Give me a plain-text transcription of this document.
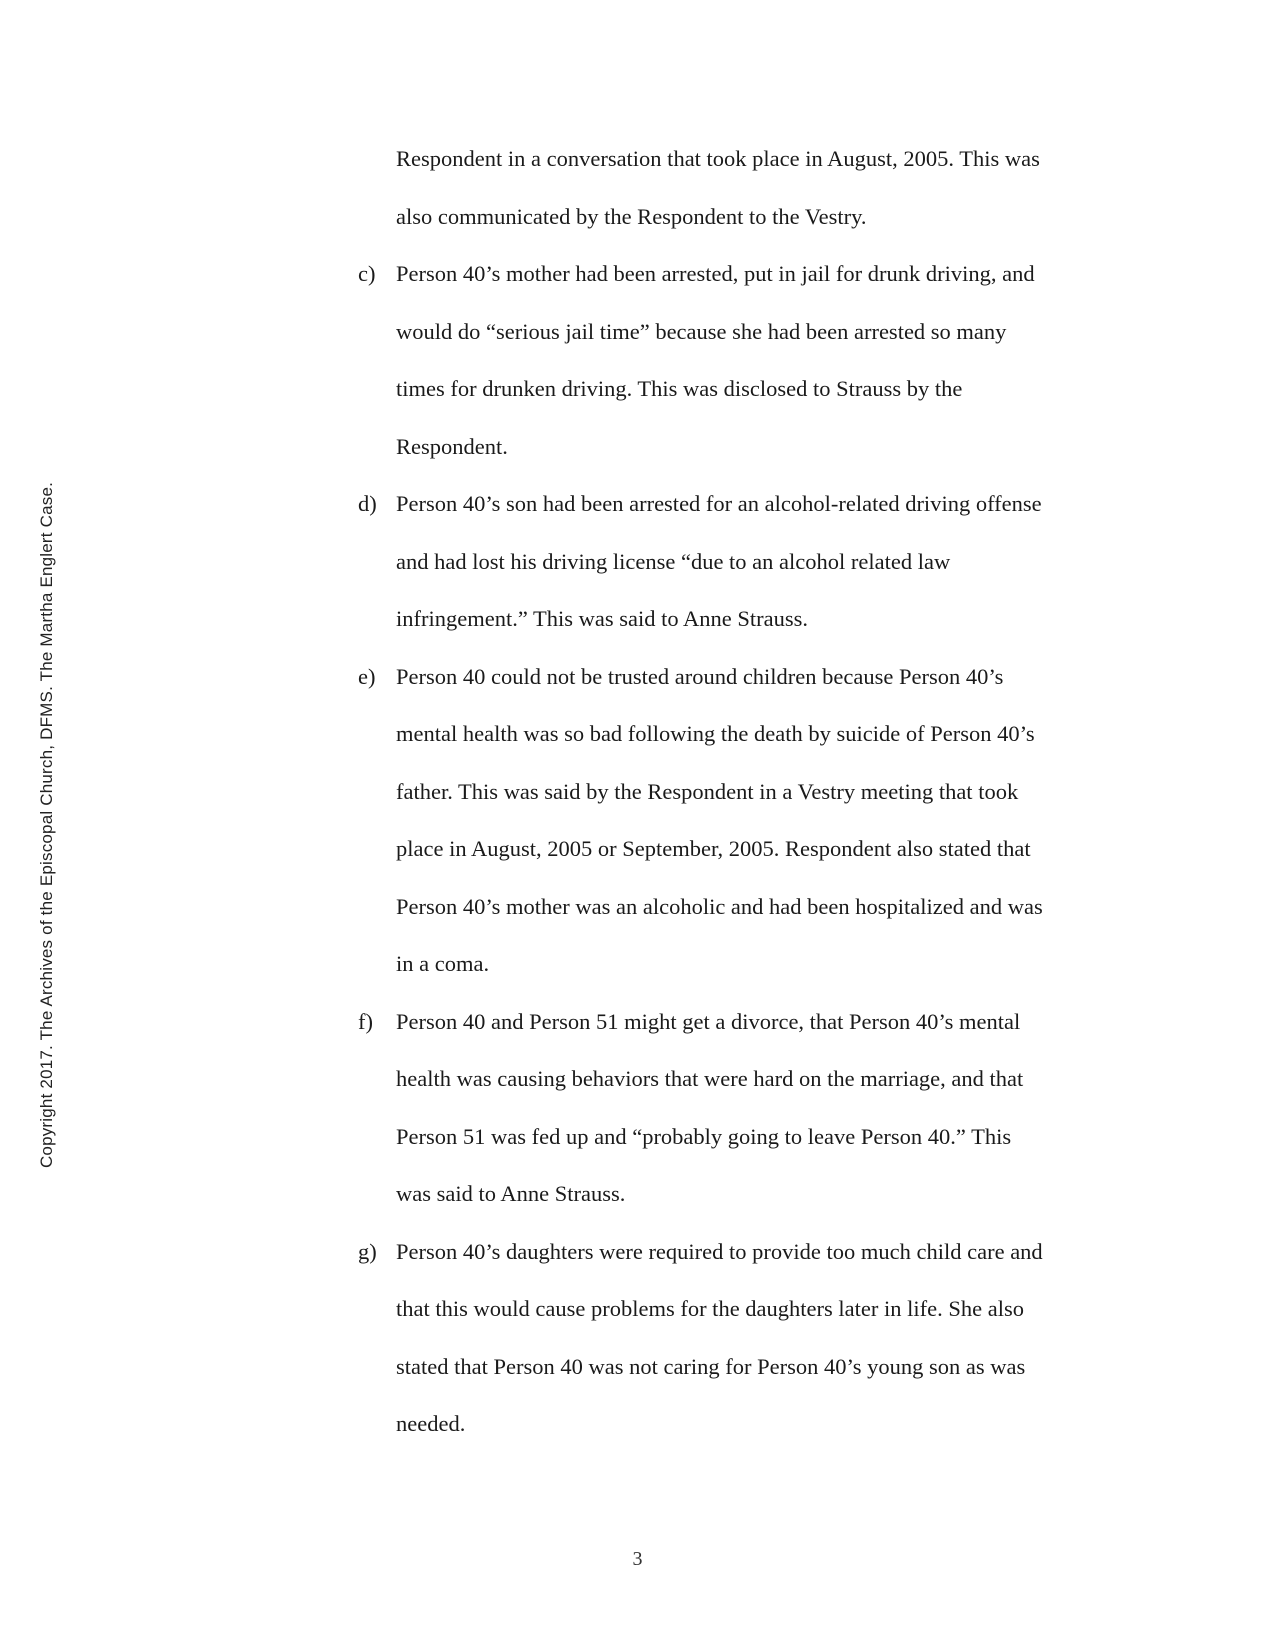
Copyright 2017. The Archives of the Episcopal Church, DFMS. The Martha Englert Case.
Respondent in a conversation that took place in August, 2005. This was
also communicated by the Respondent to the Vestry.
c) Person 40’s mother had been arrested, put in jail for drunk driving, and
would do “serious jail time” because she had been arrested so many
times for drunken driving. This was disclosed to Strauss by the
Respondent.
d) Person 40’s son had been arrested for an alcohol-related driving offense
and had lost his driving license “due to an alcohol related law
infringement.” This was said to Anne Strauss.
e) Person 40 could not be trusted around children because Person 40’s
mental health was so bad following the death by suicide of Person 40’s
father. This was said by the Respondent in a Vestry meeting that took
place in August, 2005 or September, 2005. Respondent also stated that
Person 40’s mother was an alcoholic and had been hospitalized and was
in a coma.
f) Person 40 and Person 51 might get a divorce, that Person 40’s mental
health was causing behaviors that were hard on the marriage, and that
Person 51 was fed up and “probably going to leave Person 40.” This
was said to Anne Strauss.
g) Person 40’s daughters were required to provide too much child care and
that this would cause problems for the daughters later in life. She also
stated that Person 40 was not caring for Person 40’s young son as was
needed.
3
